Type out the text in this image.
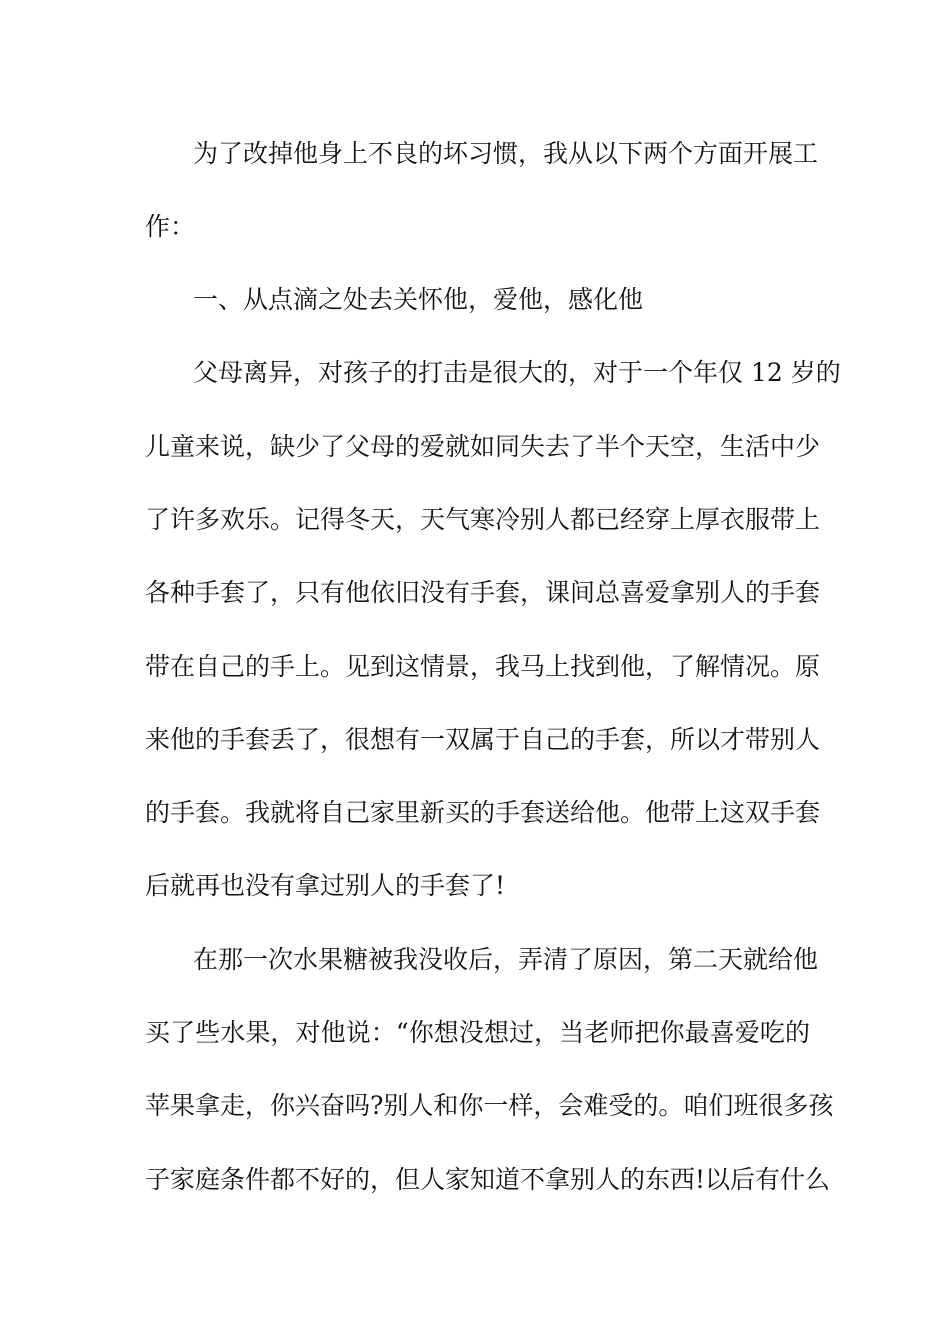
为了改掉他身上不良的坏习惯，我从以下两个方面开展工
作：
一、从点滴之处去关怀他，爱他，感化他
父母离异，对孩子的打击是很大的，对于一个年仅 12 岁的
儿童来说，缺少了父母的爱就如同失去了半个天空，生活中少
了许多欢乐。记得冬天，天气寒冷别人都已经穿上厚衣服带上
各种手套了，只有他依旧没有手套，课间总喜爱拿别人的手套
带在自己的手上。见到这情景，我马上找到他，了解情况。原
来他的手套丢了，很想有一双属于自己的手套，所以才带别人
的手套。我就将自己家里新买的手套送给他。他带上这双手套
后就再也没有拿过别人的手套了!
在那一次水果糖被我没收后，弄清了原因，第二天就给他
买了些水果，对他说：“你想没想过，当老师把你最喜爱吃的
苹果拿走，你兴奋吗?别人和你一样，会难受的。咱们班很多孩
子家庭条件都不好的，但人家知道不拿别人的东西!以后有什么
